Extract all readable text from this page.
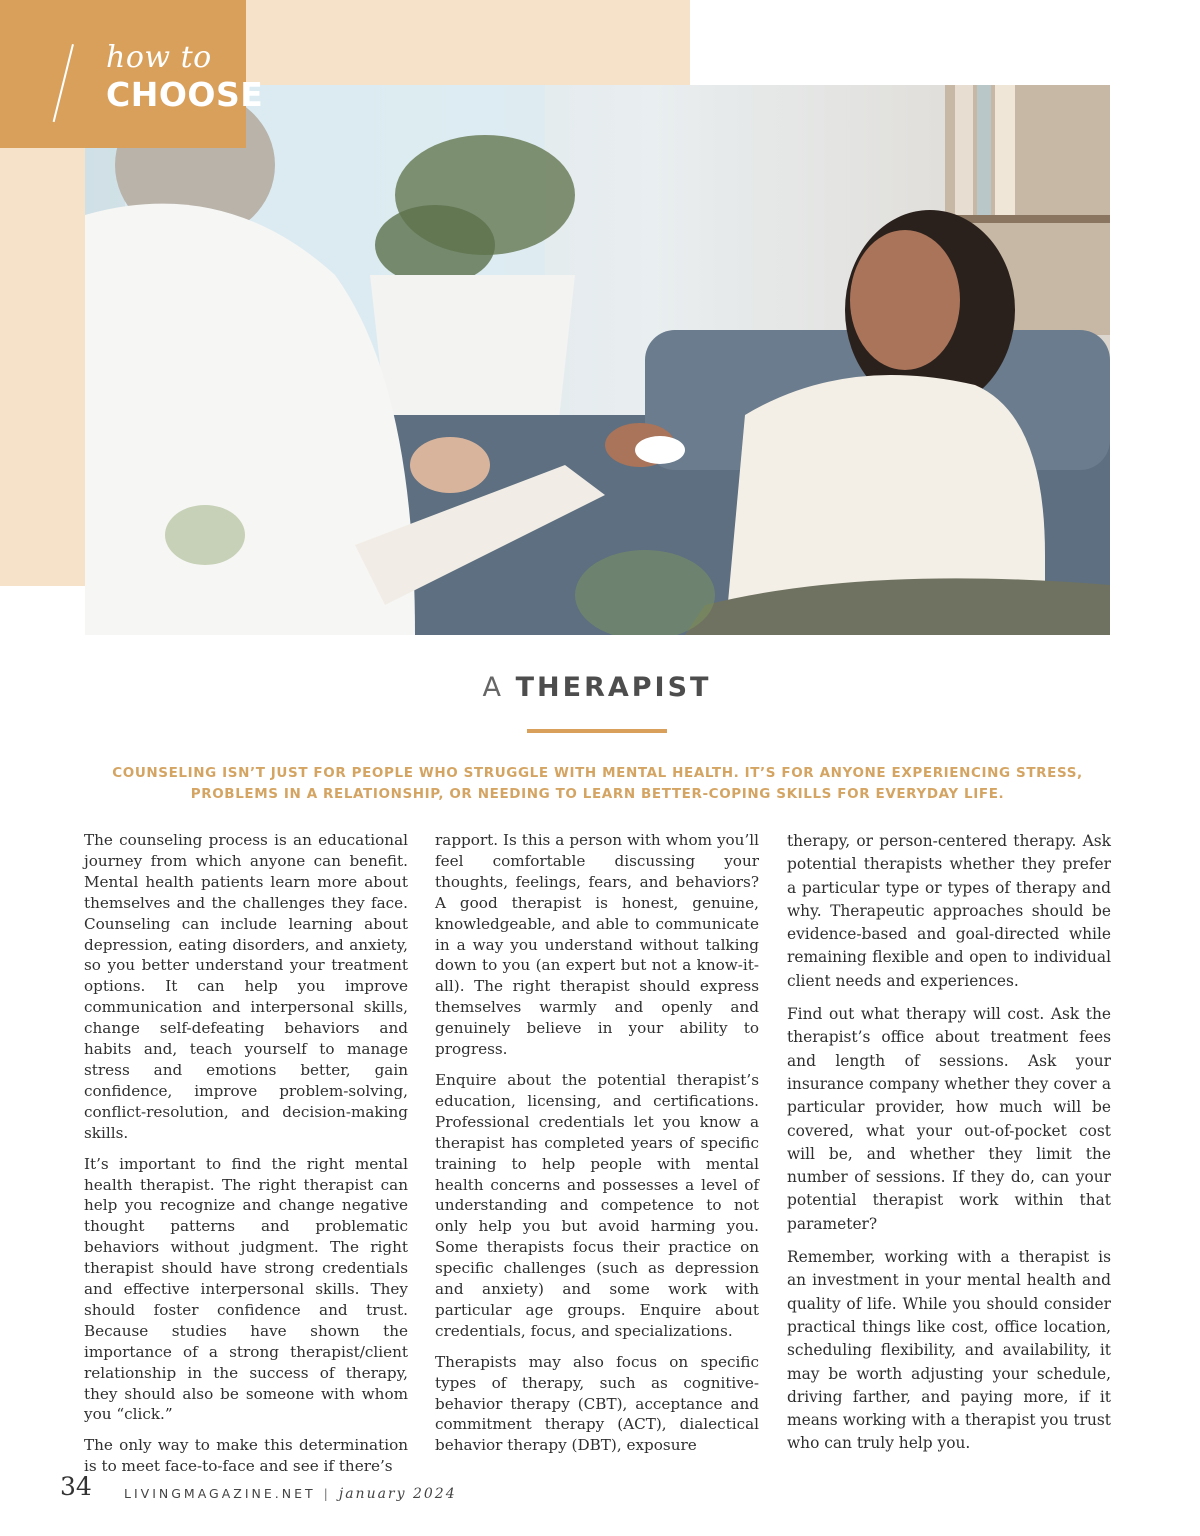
how to
CHOOSE
A THERAPIST
COUNSELING ISN’T JUST FOR PEOPLE WHO STRUGGLE WITH MENTAL HEALTH. IT’S FOR ANYONE EXPERIENCING STRESS, PROBLEMS IN A RELATIONSHIP, OR NEEDING TO LEARN BETTER-COPING SKILLS FOR EVERYDAY LIFE.

The counseling process is an educational journey from which anyone can benefit. Mental health patients learn more about themselves and the challenges they face. Counseling can include learning about depression, eating disorders, and anxiety, so you better understand your treatment options. It can help you improve communication and interpersonal skills, change self-defeating behaviors and habits and, teach yourself to manage stress and emotions better, gain confidence, improve problem-solving, conflict-resolution, and decision-making skills.

It’s important to find the right mental health therapist. The right therapist can help you recognize and change negative thought patterns and problematic behaviors without judgment. The right therapist should have strong credentials and effective interpersonal skills. They should foster confidence and trust. Because studies have shown the importance of a strong therapist/client relationship in the success of therapy, they should also be someone with whom you “click.”

The only way to make this determination is to meet face-to-face and see if there’s

rapport. Is this a person with whom you’ll feel comfortable discussing your thoughts, feelings, fears, and behaviors? A good therapist is honest, genuine, knowledgeable, and able to communicate in a way you understand without talking down to you (an expert but not a know-it-all). The right therapist should express themselves warmly and openly and genuinely believe in your ability to progress.

Enquire about the potential therapist’s education, licensing, and certifications. Professional credentials let you know a therapist has completed years of specific training to help people with mental health concerns and possesses a level of understanding and competence to not only help you but avoid harming you. Some therapists focus their practice on specific challenges (such as depression and anxiety) and some work with particular age groups. Enquire about credentials, focus, and specializations.

Therapists may also focus on specific types of therapy, such as cognitive-behavior therapy (CBT), acceptance and commitment therapy (ACT), dialectical behavior therapy (DBT), exposure

therapy, or person-centered therapy. Ask potential therapists whether they prefer a particular type or types of therapy and why. Therapeutic approaches should be evidence-based and goal-directed while remaining flexible and open to individual client needs and experiences.

Find out what therapy will cost. Ask the therapist’s office about treatment fees and length of sessions. Ask your insurance company whether they cover a particular provider, how much will be covered, what your out-of-pocket cost will be, and whether they limit the number of sessions. If they do, can your potential therapist work within that parameter?

Remember, working with a therapist is an investment in your mental health and quality of life. While you should consider practical things like cost, office location, scheduling flexibility, and availability, it may be worth adjusting your schedule, driving farther, and paying more, if it means working with a therapist you trust who can truly help you.

34	LIVINGMAGAZINE.NET | january 2024
